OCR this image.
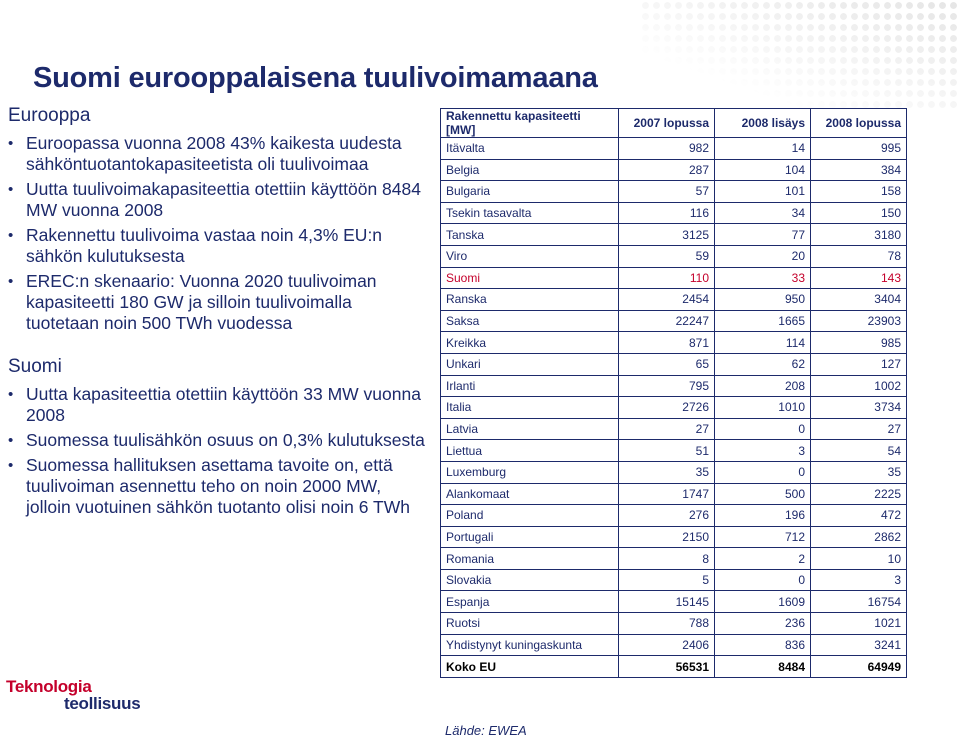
Suomi eurooppalaisena tuulivoimamaana
Eurooppa
• Euroopassa vuonna 2008 43% kaikesta uudesta sähköntuotantokapasiteetista oli tuulivoimaa
• Uutta tuulivoimakapasiteettia otettiin käyttöön 8484 MW vuonna 2008
• Rakennettu tuulivoima vastaa noin 4,3% EU:n sähkön kulutuksesta
• EREC:n skenaario: Vuonna 2020 tuulivoiman kapasiteetti 180 GW ja silloin tuulivoimalla tuotetaan noin 500 TWh vuodessa
Suomi
• Uutta kapasiteettia otettiin käyttöön 33 MW vuonna 2008
• Suomessa tuulisähkön osuus on 0,3% kulutuksesta
• Suomessa hallituksen asettama tavoite on, että tuulivoiman asennettu teho on noin 2000 MW, jolloin vuotuinen sähkön tuotanto olisi noin 6 TWh
Rakennettu kapasiteetti [MW]	2007 lopussa	2008 lisäys	2008 lopussa
Itävalta	982	14	995
Belgia	287	104	384
Bulgaria	57	101	158
Tsekin tasavalta	116	34	150
Tanska	3125	77	3180
Viro	59	20	78
Suomi	110	33	143
Ranska	2454	950	3404
Saksa	22247	1665	23903
Kreikka	871	114	985
Unkari	65	62	127
Irlanti	795	208	1002
Italia	2726	1010	3734
Latvia	27	0	27
Liettua	51	3	54
Luxemburg	35	0	35
Alankomaat	1747	500	2225
Poland	276	196	472
Portugali	2150	712	2862
Romania	8	2	10
Slovakia	5	0	3
Espanja	15145	1609	16754
Ruotsi	788	236	1021
Yhdistynyt kuningaskunta	2406	836	3241
Koko EU	56531	8484	64949
Lähde: EWEA
Teknologia
teollisuus
